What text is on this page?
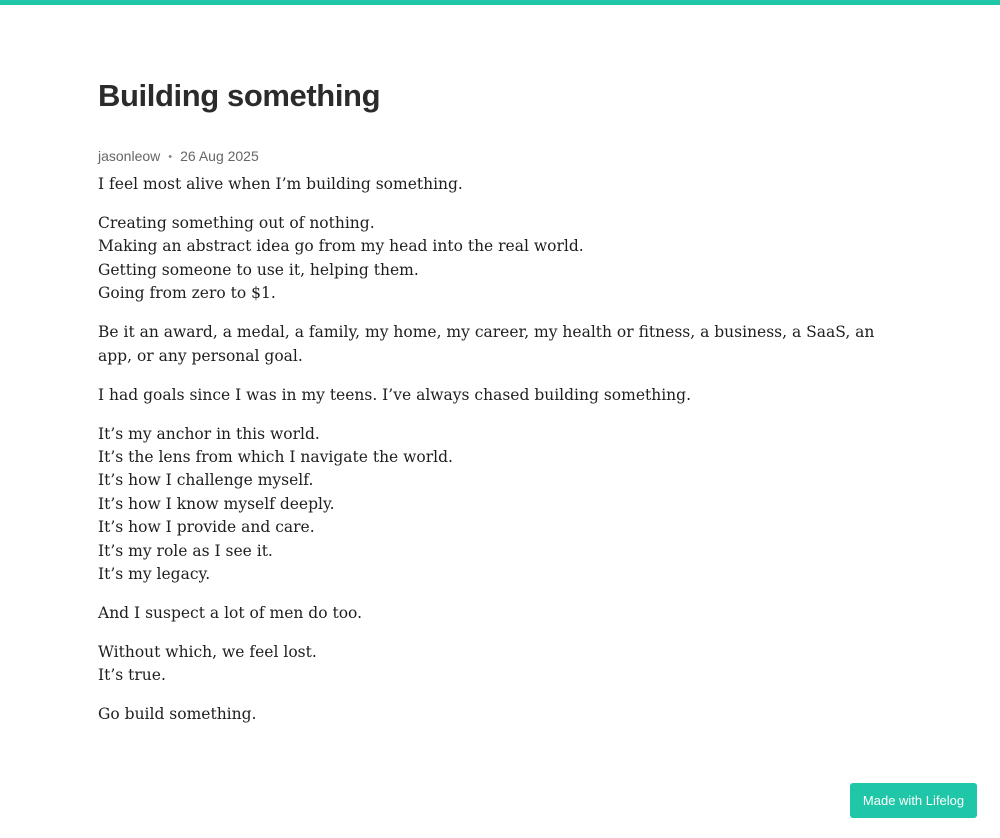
Building something
jasonleow • 26 Aug 2025

I feel most alive when I’m building something.

Creating something out of nothing.
Making an abstract idea go from my head into the real world.
Getting someone to use it, helping them.
Going from zero to $1.

Be it an award, a medal, a family, my home, my career, my health or fitness, a business, a SaaS, an app, or any personal goal.

I had goals since I was in my teens. I’ve always chased building something.

It’s my anchor in this world.
It’s the lens from which I navigate the world.
It’s how I challenge myself.
It’s how I know myself deeply.
It’s how I provide and care.
It’s my role as I see it.
It’s my legacy.

And I suspect a lot of men do too.

Without which, we feel lost.
It’s true.

Go build something.

Made with Lifelog
